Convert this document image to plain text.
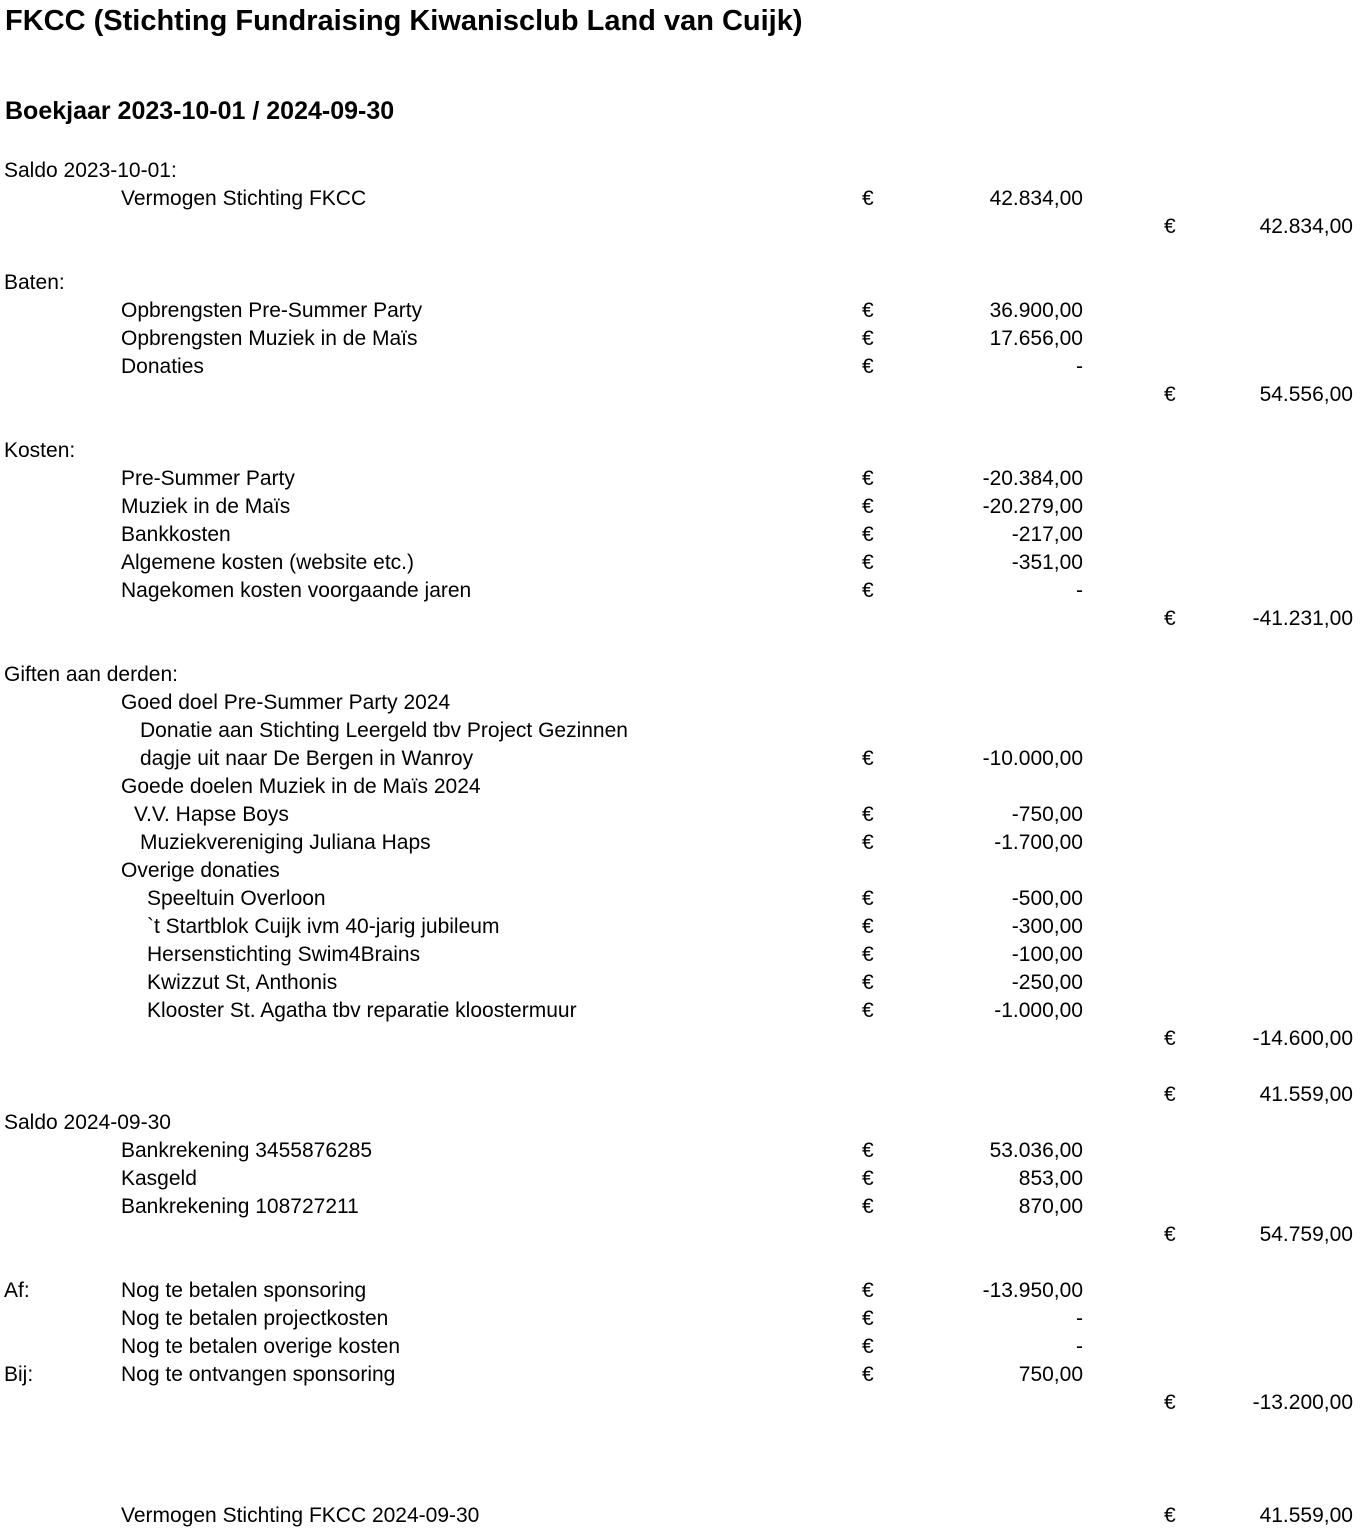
FKCC (Stichting Fundraising Kiwanisclub Land van Cuijk)
Boekjaar 2023-10-01 / 2024-09-30
Saldo 2023-10-01:
Vermogen Stichting FKCC	€	42.834,00
€	42.834,00
Baten:
Opbrengsten Pre-Summer Party	€	36.900,00
Opbrengsten Muziek in de Maïs	€	17.656,00
Donaties	€	-
€	54.556,00
Kosten:
Pre-Summer Party	€	-20.384,00
Muziek in de Maïs	€	-20.279,00
Bankkosten	€	-217,00
Algemene kosten (website etc.)	€	-351,00
Nagekomen kosten voorgaande jaren	€	-
€	-41.231,00
Giften aan derden:
Goed doel Pre-Summer Party 2024
Donatie aan Stichting Leergeld tbv Project Gezinnen
dagje uit naar De Bergen in Wanroy	€	-10.000,00
Goede doelen Muziek in de Maïs 2024
V.V. Hapse Boys	€	-750,00
Muziekvereniging Juliana Haps	€	-1.700,00
Overige donaties
Speeltuin Overloon	€	-500,00
`t Startblok Cuijk ivm 40-jarig jubileum	€	-300,00
Hersenstichting Swim4Brains	€	-100,00
Kwizzut St, Anthonis	€	-250,00
Klooster St. Agatha tbv reparatie kloostermuur	€	-1.000,00
€	-14.600,00
€	41.559,00
Saldo 2024-09-30
Bankrekening 3455876285	€	53.036,00
Kasgeld	€	853,00
Bankrekening 108727211	€	870,00
€	54.759,00
Af:	Nog te betalen sponsoring	€	-13.950,00
Nog te betalen projectkosten	€	-
Nog te betalen overige kosten	€	-
Bij:	Nog te ontvangen sponsoring	€	750,00
€	-13.200,00
Vermogen Stichting FKCC 2024-09-30	€	41.559,00
